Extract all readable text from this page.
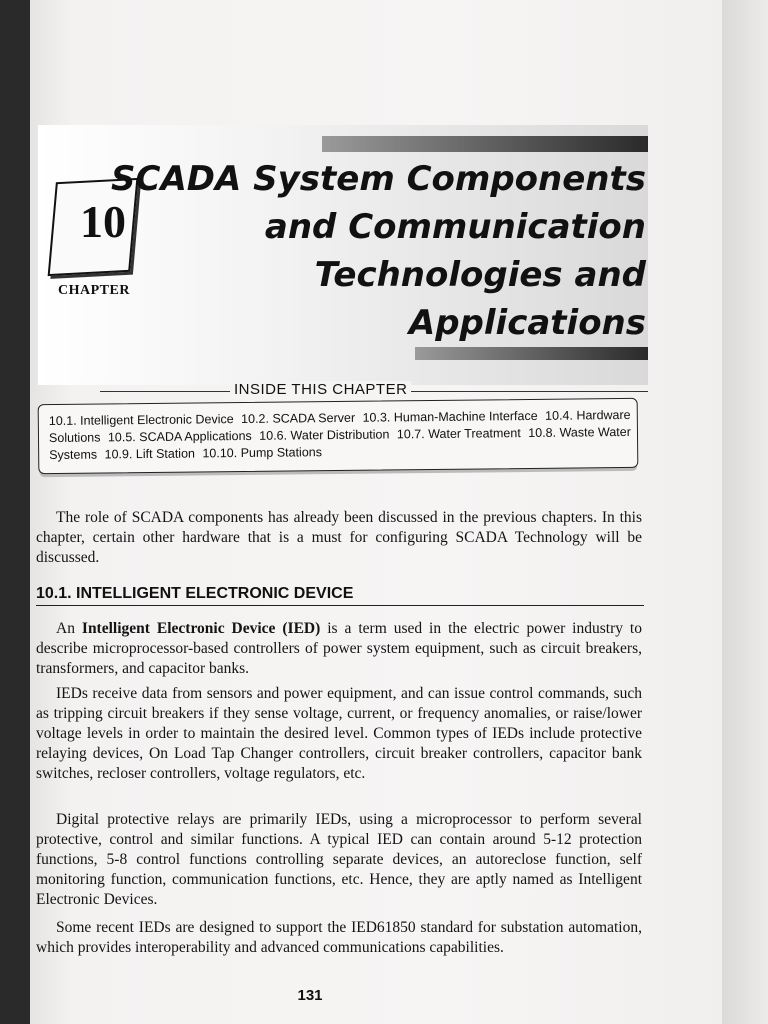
10
CHAPTER
SCADA System Components
and Communication
Technologies and
Applications
INSIDE THIS CHAPTER
10.1. Intelligent Electronic Device 10.2. SCADA Server 10.3. Human-Machine Interface 10.4. Hardware Solutions 10.5. SCADA Applications 10.6. Water Distribution 10.7. Water Treatment 10.8. Waste Water Systems 10.9. Lift Station 10.10. Pump Stations

The role of SCADA components has already been discussed in the previous chapters. In this chapter, certain other hardware that is a must for configuring SCADA Technology will be discussed.

10.1. INTELLIGENT ELECTRONIC DEVICE

An Intelligent Electronic Device (IED) is a term used in the electric power industry to describe microprocessor-based controllers of power system equipment, such as circuit breakers, transformers, and capacitor banks.

IEDs receive data from sensors and power equipment, and can issue control commands, such as tripping circuit breakers if they sense voltage, current, or frequency anomalies, or raise/lower voltage levels in order to maintain the desired level. Common types of IEDs include protective relaying devices, On Load Tap Changer controllers, circuit breaker controllers, capacitor bank switches, recloser controllers, voltage regulators, etc.

Digital protective relays are primarily IEDs, using a microprocessor to perform several protective, control and similar functions. A typical IED can contain around 5-12 protection functions, 5-8 control functions controlling separate devices, an autoreclose function, self monitoring function, communication functions, etc. Hence, they are aptly named as Intelligent Electronic Devices.

Some recent IEDs are designed to support the IED61850 standard for substation automation, which provides interoperability and advanced communications capabilities.

131
